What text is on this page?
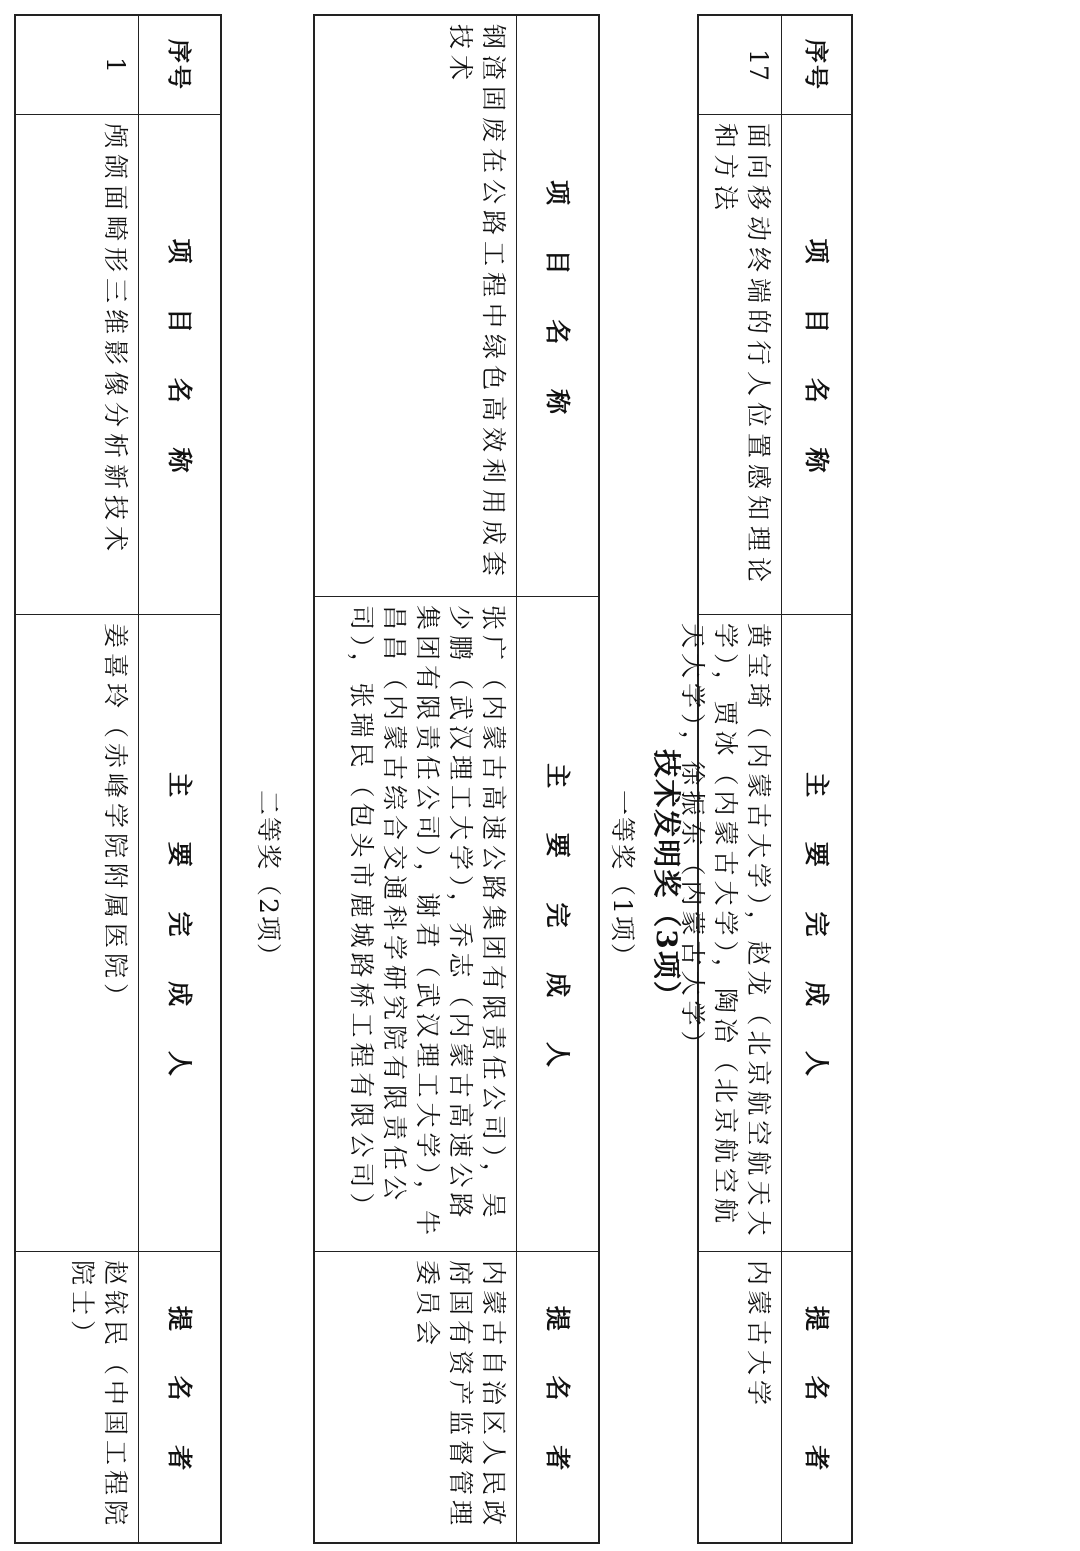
序号
项 目 名 称
主 要 完 成 人
提 名 者
17
面向移动终端的行人位置感知理论和方法
黄宝琦（内蒙古大学），赵龙（北京航空航天大学），贾冰（内蒙古大学），陶冶（北京航空航天大学），徐振东（内蒙古大学）
内蒙古大学
技术发明奖（3项）
一等奖（1项）
项 目 名 称
主 要 完 成 人
提 名 者
钢渣固废在公路工程中绿色高效利用成套技术
张广（内蒙古高速公路集团有限责任公司），吴少鹏（武汉理工大学），乔志（内蒙古高速公路集团有限责任公司），谢君（武汉理工大学），牛昌昌（内蒙古综合交通科学研究院有限责任公司），张瑞民（包头市鹿城路桥工程有限公司）
内蒙古自治区人民政府国有资产监督管理委员会
二等奖（2项）
序号
项 目 名 称
主 要 完 成 人
提 名 者
1
颅颌面畸形三维影像分析新技术
姜喜玲（赤峰学院附属医院）
赵铱民（中国工程院院士）
